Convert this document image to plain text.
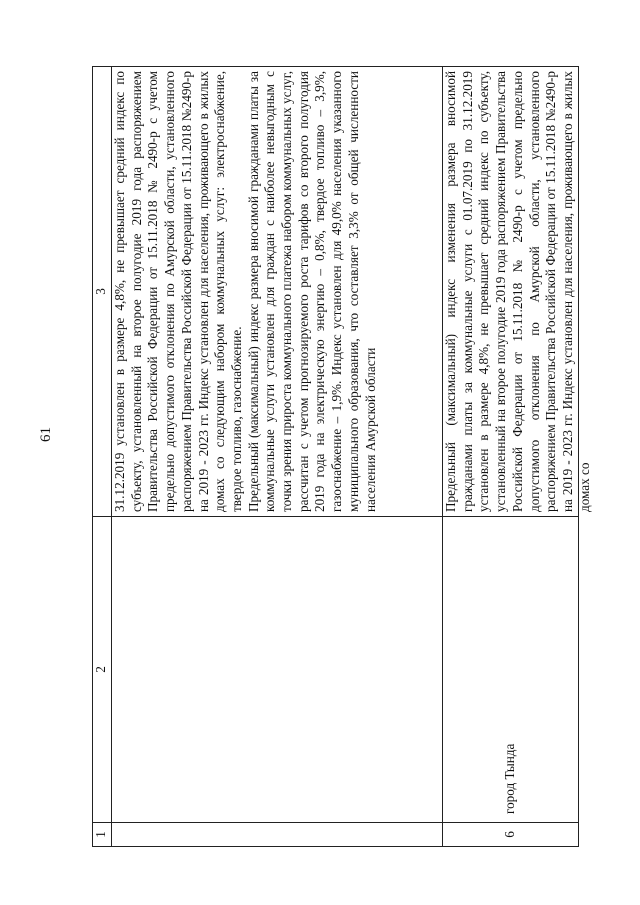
61
1	2	3

		31.12.2019 установлен в размере 4,8%, не превышает средний индекс по субъекту, установленный на второе полугодие 2019 года распоряжением Правительства Российской Федерации от 15.11.2018 № 2490-р с учетом предельно допустимого отклонения по Амурской области, установленного распоряжением Правительства Российской Федерации от 15.11.2018 №2490-р на 2019 - 2023 гг. Индекс установлен для населения, проживающего в жилых домах со следующим набором коммунальных услуг: электроснабжение, твердое топливо, газоснабжение. Предельный (максимальный) индекс размера вносимой гражданами платы за коммунальные услуги установлен для граждан с наиболее невыгодным с точки зрения прироста коммунального платежа набором коммунальных услуг, рассчитан с учетом прогнозируемого роста тарифов со второго полугодия 2019 года на электрическую энергию – 0,8%, твердое топливо – 3,9%, газоснабжение – 1,9%. Индекс установлен для 49,0% населения указанного муниципального образования, что составляет 3,3% от общей численности населения Амурской области

6	город Тында	Предельный (максимальный) индекс изменения размера вносимой гражданами платы за коммунальные услуги с 01.07.2019 по 31.12.2019 установлен в размере 4,8%, не превышает средний индекс по субъекту, установленный на второе полугодие 2019 года распоряжением Правительства Российской Федерации от 15.11.2018 № 2490-р с учетом предельно допустимого отклонения по Амурской области, установленного распоряжением Правительства Российской Федерации от 15.11.2018 №2490-р на 2019 - 2023 гг. Индекс установлен для населения, проживающего в жилых домах со
